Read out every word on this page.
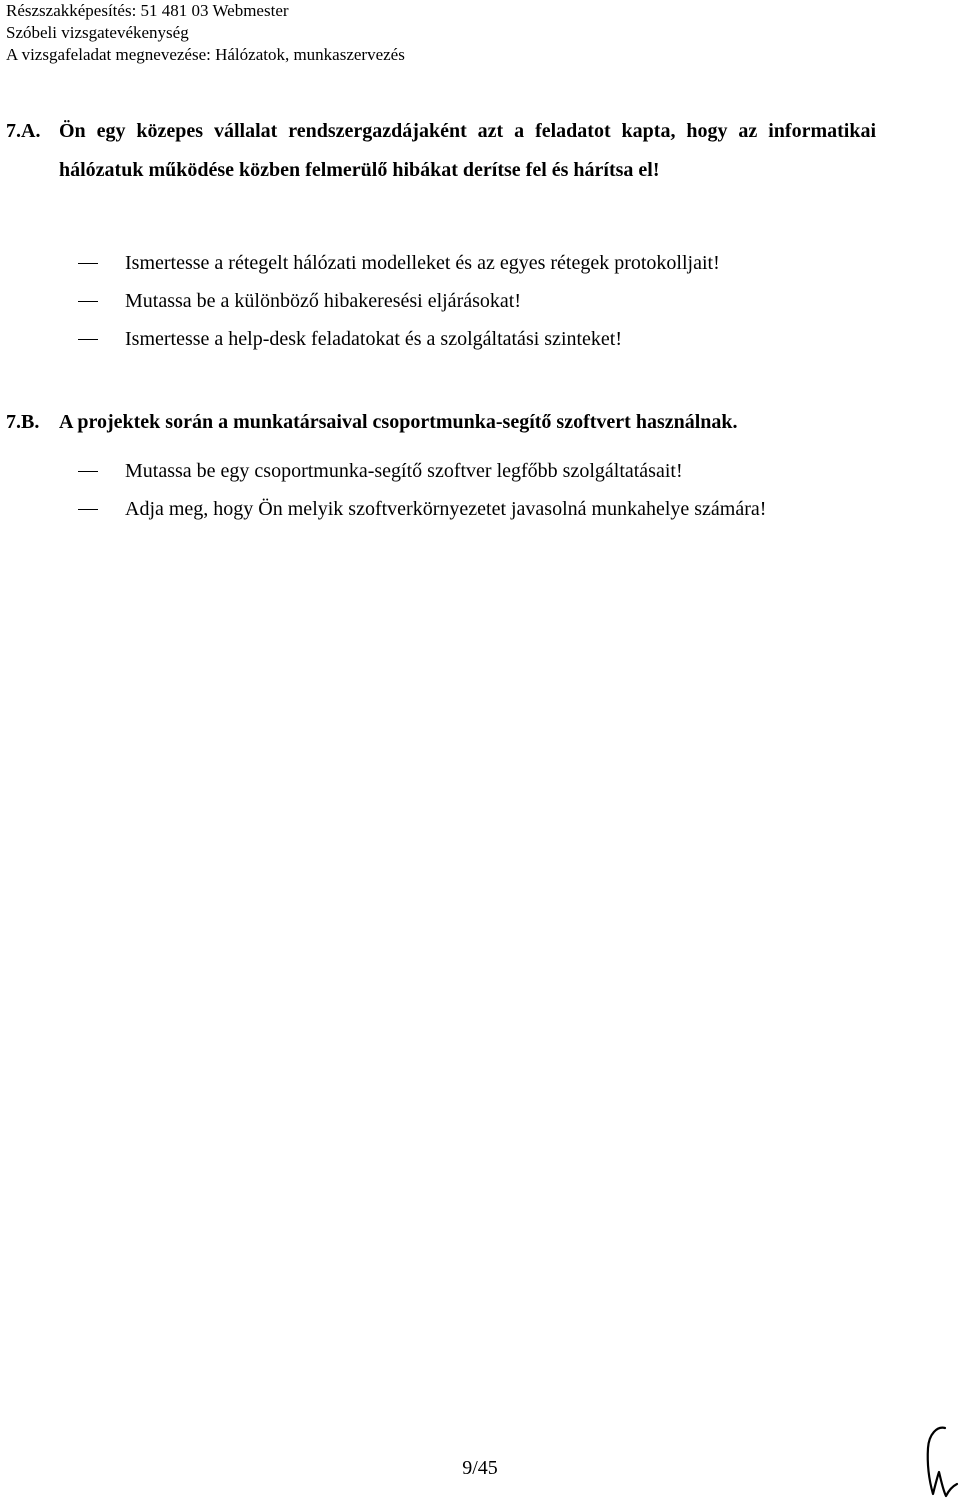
Részszakképesítés: 51 481 03 Webmester
Szóbeli vizsgatevékenység
A vizsgafeladat megnevezése: Hálózatok, munkaszervezés
7.A. Ön egy közepes vállalat rendszergazdájaként azt a feladatot kapta, hogy az informatikai hálózatuk működése közben felmerülő hibákat derítse fel és hárítsa el!
Ismertesse a rétegelt hálózati modelleket és az egyes rétegek protokolljait!
Mutassa be a különböző hibakeresési eljárásokat!
Ismertesse a help-desk feladatokat és a szolgáltatási szinteket!
7.B. A projektek során a munkatársaival csoportmunka-segítő szoftvert használnak.
Mutassa be egy csoportmunka-segítő szoftver legfőbb szolgáltatásait!
Adja meg, hogy Ön melyik szoftverkörnyezetet javasolná munkahelye számára!
9/45
